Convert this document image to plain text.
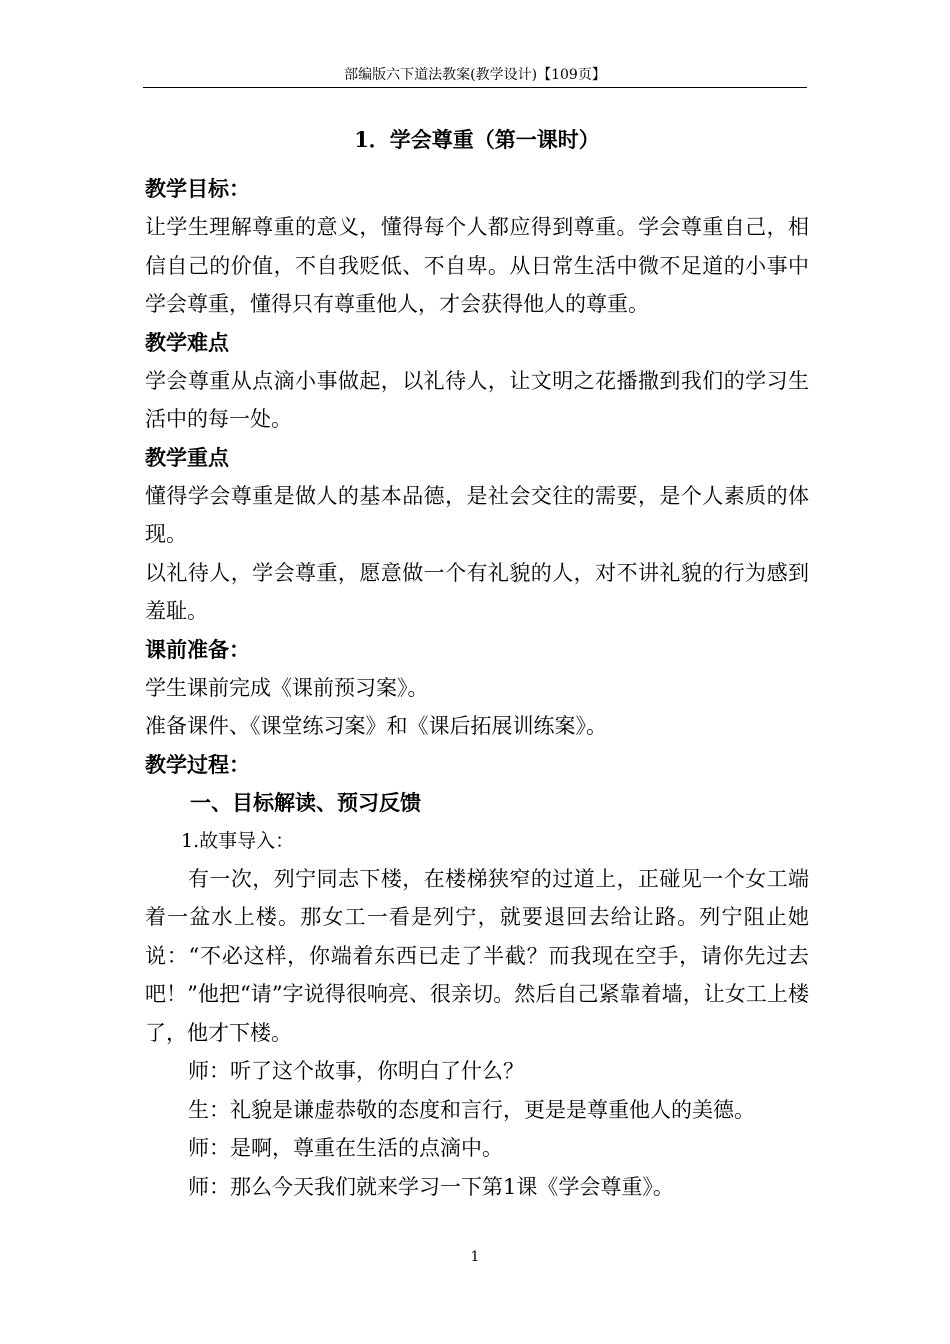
部编版六下道法教案(教学设计)【109页】

1．学会尊重（第一课时）

教学目标：

让学生理解尊重的意义，懂得每个人都应得到尊重。学会尊重自己，相信自己的价值，不自我贬低、不自卑。从日常生活中微不足道的小事中学会尊重，懂得只有尊重他人，才会获得他人的尊重。

教学难点

学会尊重从点滴小事做起，以礼待人，让文明之花播撒到我们的学习生活中的每一处。

教学重点

懂得学会尊重是做人的基本品德，是社会交往的需要，是个人素质的体现。

以礼待人，学会尊重，愿意做一个有礼貌的人，对不讲礼貌的行为感到羞耻。

课前准备：

学生课前完成《课前预习案》。

准备课件、《课堂练习案》和《课后拓展训练案》。

教学过程：

一、目标解读、预习反馈

1.故事导入：

有一次，列宁同志下楼，在楼梯狭窄的过道上，正碰见一个女工端着一盆水上楼。那女工一看是列宁，就要退回去给让路。列宁阻止她说：“不必这样，你端着东西已走了半截？而我现在空手，请你先过去吧！”他把“请”字说得很响亮、很亲切。然后自己紧靠着墙，让女工上楼了，他才下楼。

师：听了这个故事，你明白了什么？

生：礼貌是谦虚恭敬的态度和言行，更是是尊重他人的美德。

师：是啊，尊重在生活的点滴中。

师：那么今天我们就来学习一下第1课《学会尊重》。

1
